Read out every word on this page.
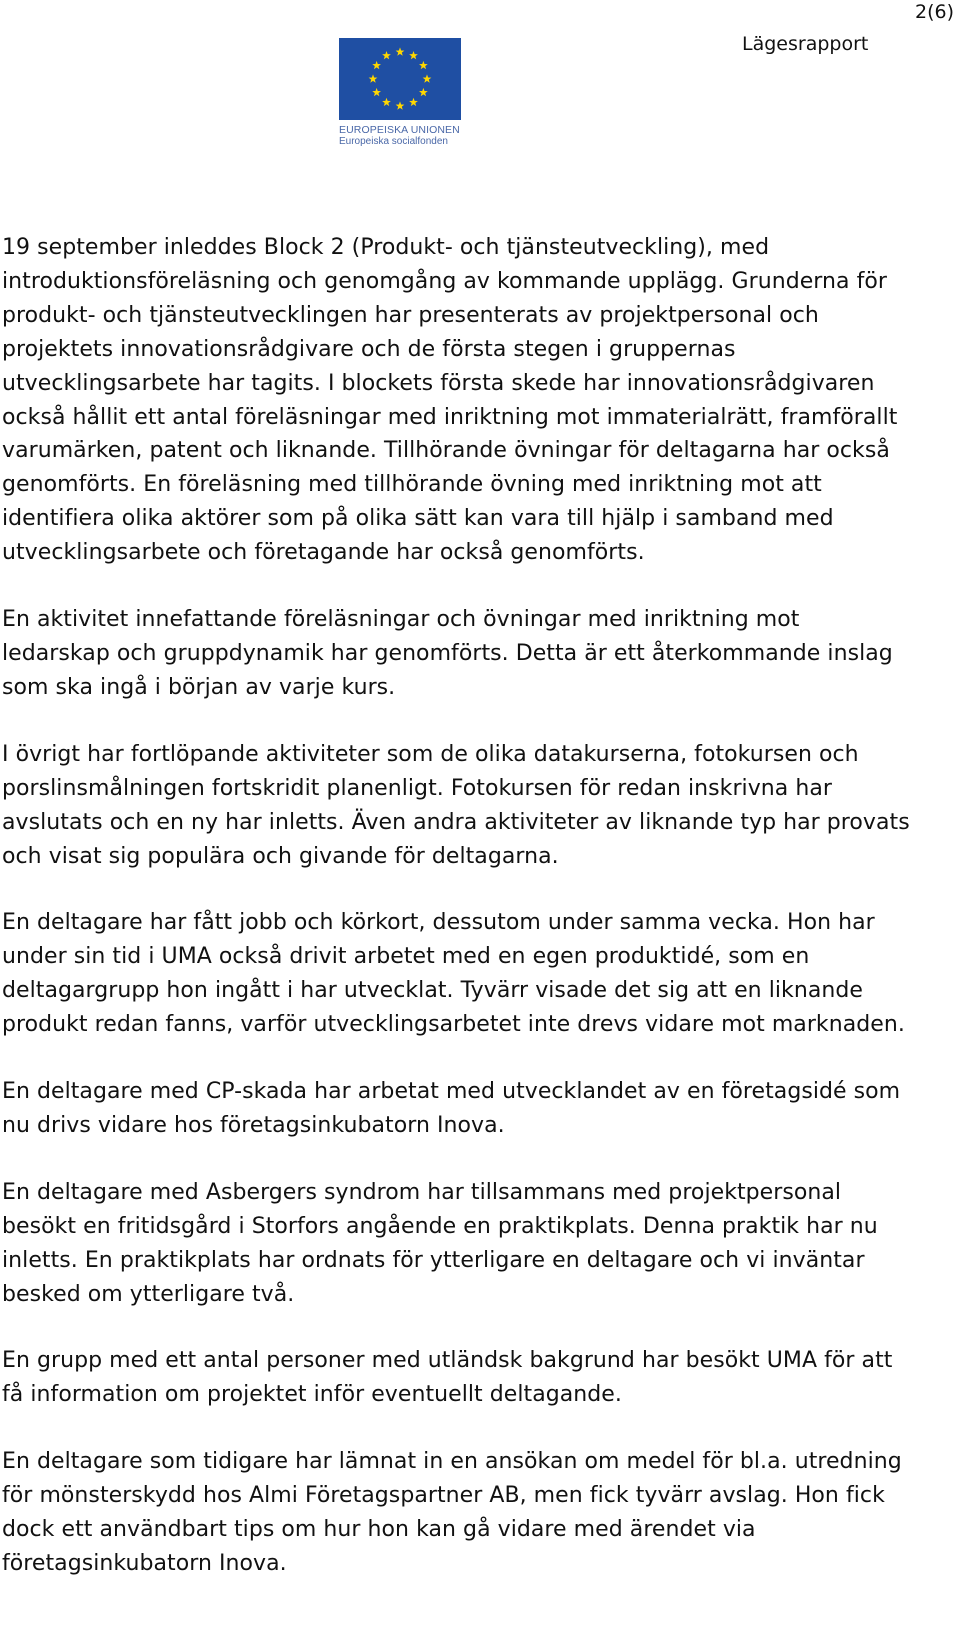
2(6)
Lägesrapport
EUROPEISKA UNIONEN
Europeiska socialfonden

19 september inleddes Block 2 (Produkt- och tjänsteutveckling), med introduktionsföreläsning och genomgång av kommande upplägg. Grunderna för produkt- och tjänsteutvecklingen har presenterats av projektpersonal och projektets innovationsrådgivare och de första stegen i gruppernas utvecklingsarbete har tagits. I blockets första skede har innovationsrådgivaren också hållit ett antal föreläsningar med inriktning mot immaterialrätt, framförallt varumärken, patent och liknande. Tillhörande övningar för deltagarna har också genomförts. En föreläsning med tillhörande övning med inriktning mot att identifiera olika aktörer som på olika sätt kan vara till hjälp i samband med utvecklingsarbete och företagande har också genomförts.

En aktivitet innefattande föreläsningar och övningar med inriktning mot ledarskap och gruppdynamik har genomförts. Detta är ett återkommande inslag som ska ingå i början av varje kurs.

I övrigt har fortlöpande aktiviteter som de olika datakurserna, fotokursen och porslinsmålningen fortskridit planenligt. Fotokursen för redan inskrivna har avslutats och en ny har inletts. Även andra aktiviteter av liknande typ har provats och visat sig populära och givande för deltagarna.

En deltagare har fått jobb och körkort, dessutom under samma vecka. Hon har under sin tid i UMA också drivit arbetet med en egen produktidé, som en deltagargrupp hon ingått i har utvecklat. Tyvärr visade det sig att en liknande produkt redan fanns, varför utvecklingsarbetet inte drevs vidare mot marknaden.

En deltagare med CP-skada har arbetat med utvecklandet av en företagsidé som nu drivs vidare hos företagsinkubatorn Inova.

En deltagare med Asbergers syndrom har tillsammans med projektpersonal besökt en fritidsgård i Storfors angående en praktikplats. Denna praktik har nu inletts. En praktikplats har ordnats för ytterligare en deltagare och vi inväntar besked om ytterligare två.

En grupp med ett antal personer med utländsk bakgrund har besökt UMA för att få information om projektet inför eventuellt deltagande.

En deltagare som tidigare har lämnat in en ansökan om medel för bl.a. utredning för mönsterskydd hos Almi Företagspartner AB, men fick tyvärr avslag. Hon fick dock ett användbart tips om hur hon kan gå vidare med ärendet via företagsinkubatorn Inova.
